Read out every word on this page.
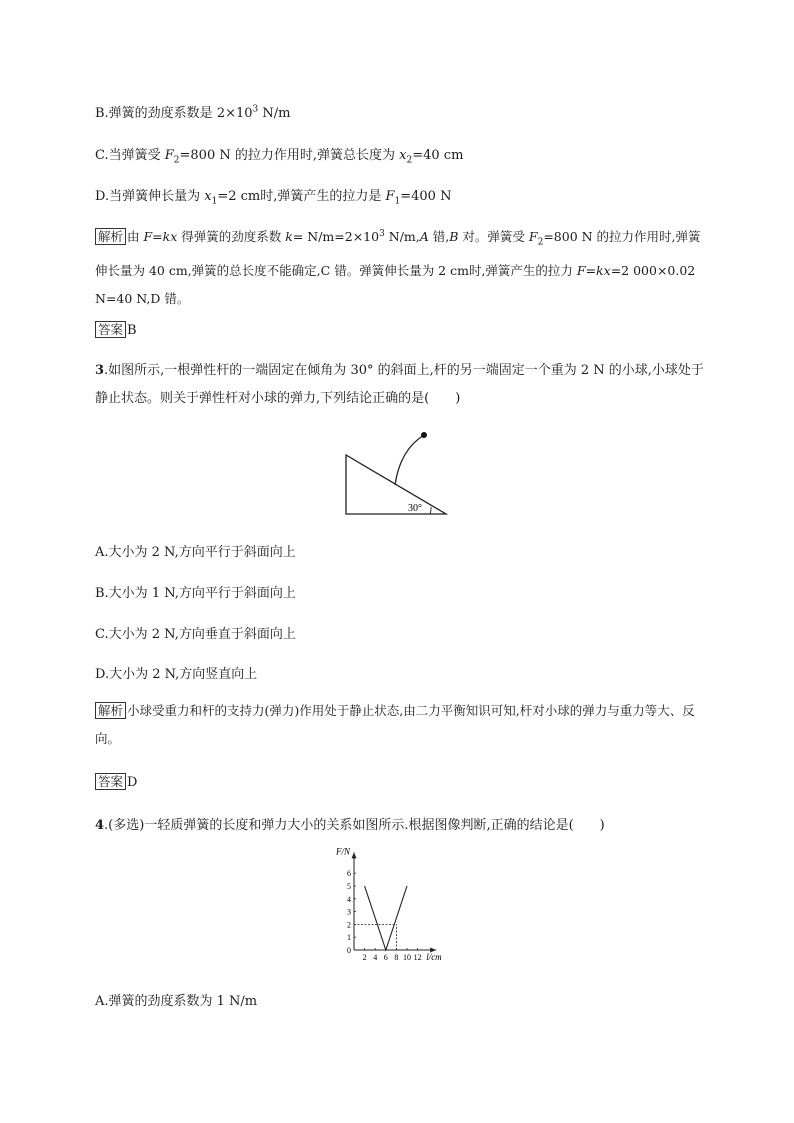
B.弹簧的劲度系数是 $2\times 10^3$ N/m
C.当弹簧受 $F_2=800$ N 的拉力作用时,弹簧总长度为 $x_2=40$ cm
D.当弹簧伸长量为 $x_1=2$ cm时,弹簧产生的拉力是 $F_1=400$ N
解析 由 F=kx 得弹簧的劲度系数 $k= N/m=2\times 10^3$ N/m,A 错,B 对。弹簧受 $F_2=800$ N 的拉力作用时,弹簧伸长量为 40 cm,弹簧的总长度不能确定,C 错。弹簧伸长量为 2 cm时,弹簧产生的拉力 F=kx=2 000×0.02 N=40 N,D 错。
答案 B
3.如图所示,一根弹性杆的一端固定在倾角为 30° 的斜面上,杆的另一端固定一个重为 2 N 的小球,小球处于静止状态。则关于弹性杆对小球的弹力,下列结论正确的是(　　)
30°
A.大小为 2 N,方向平行于斜面向上
B.大小为 1 N,方向平行于斜面向上
C.大小为 2 N,方向垂直于斜面向上
D.大小为 2 N,方向竖直向上
解析 小球受重力和杆的支持力(弹力)作用处于静止状态,由二力平衡知识可知,杆对小球的弹力与重力等大、反向。
答案 D
4.(多选)一轻质弹簧的长度和弹力大小的关系如图所示.根据图像判断,正确的结论是(　　)
F/N
l/cm
0
2 4 6 8 10 12
1
2
3
4
5
6
A.弹簧的劲度系数为 1 N/m
